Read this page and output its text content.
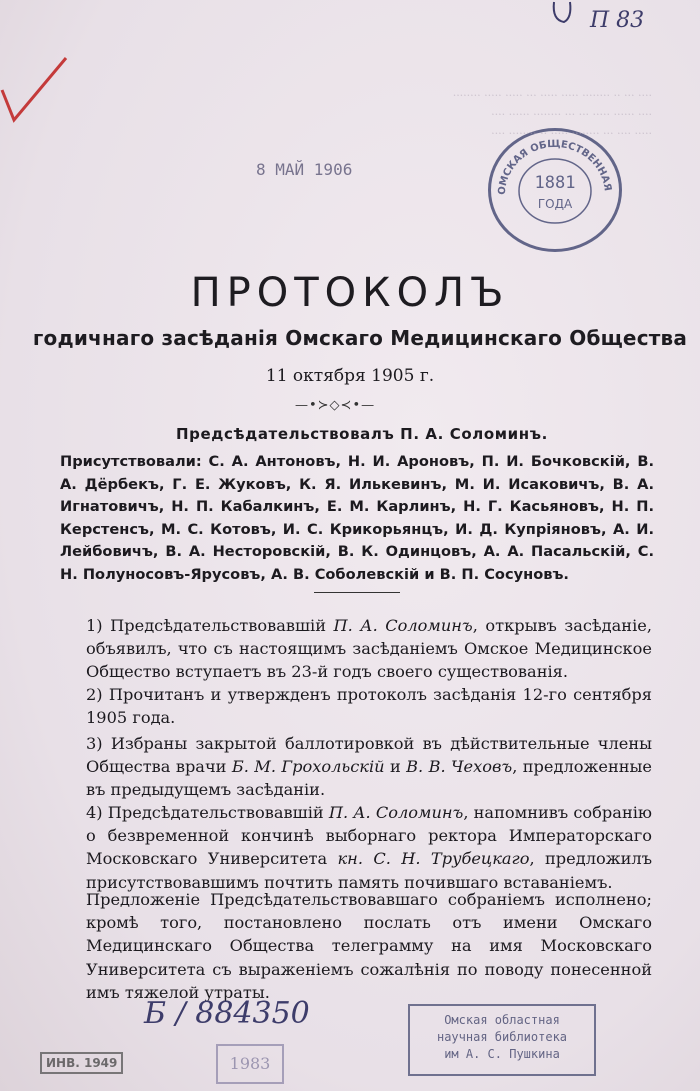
П 83
8 МАЙ 1906
ОМСКАЯ ОБЩЕСТВЕННАЯ
1881
ГОДА
···· ··· ·· ········ ····· ····· ··· ····· ····· ········
···· ······ ····· ··· ··· ········ ······ ····
····· ···· ··· ········ ····· ·· ········ ····
ПРОТОКОЛЪ
годичнаго засѣданія Омскаго Медицинскаго Общества
11 октября 1905 г.
—•≻◇≺•—
Предсѣдательствовалъ П. А. Соломинъ.
Присутствовали: С. А. Антоновъ, Н. И. Ароновъ, П. И. Бочковскій, В. А. Дёрбекъ, Г. Е. Жуковъ, К. Я. Илькевинъ, М. И. Исаковичъ, В. А. Игнатовичъ, Н. П. Кабалкинъ, Е. М. Карлинъ, Н. Г. Касьяновъ, Н. П. Керстенсъ, М. С. Котовъ, И. С. Крикорьянцъ, И. Д. Купріяновъ, А. И. Лейбовичъ, В. А. Несторовскій, В. К. Одинцовъ, А. А. Пасальскій, С. Н. Полуносовъ-Ярусовъ, А. В. Соболевскій и В. П. Сосуновъ.
1) Предсѣдательствовавшій П. А. Соломинъ, открывъ засѣданіе, объявилъ, что съ настоящимъ засѣданіемъ Омское Медицинское Общество вступаетъ въ 23-й годъ своего существованія.
2) Прочитанъ и утвержденъ протоколъ засѣданія 12-го сентября 1905 года.
3) Избраны закрытой баллотировкой въ дѣйствительные члены Общества врачи Б. М. Грохольскій и В. В. Чеховъ, предложенные въ предыдущемъ засѣданіи.
4) Предсѣдательствовавшій П. А. Соломинъ, напомнивъ собранію о безвременной кончинѣ выборнаго ректора Императорскаго Московскаго Университета кн. С. Н. Трубецкаго, предложилъ присутствовавшимъ почтить память почившаго вставаніемъ.
Предложеніе Предсѣдательствовавшаго собраніемъ исполнено; кромѣ того, постановлено послать отъ имени Омскаго Медицинскаго Общества телеграмму на имя Московскаго Университета съ выраженіемъ сожалѣнія по поводу понесенной имъ тяжелой утраты.
Б / 884350	Омская областная
научная библиотека
им А. С. Пушкина
ИНВ. 1949	1983
